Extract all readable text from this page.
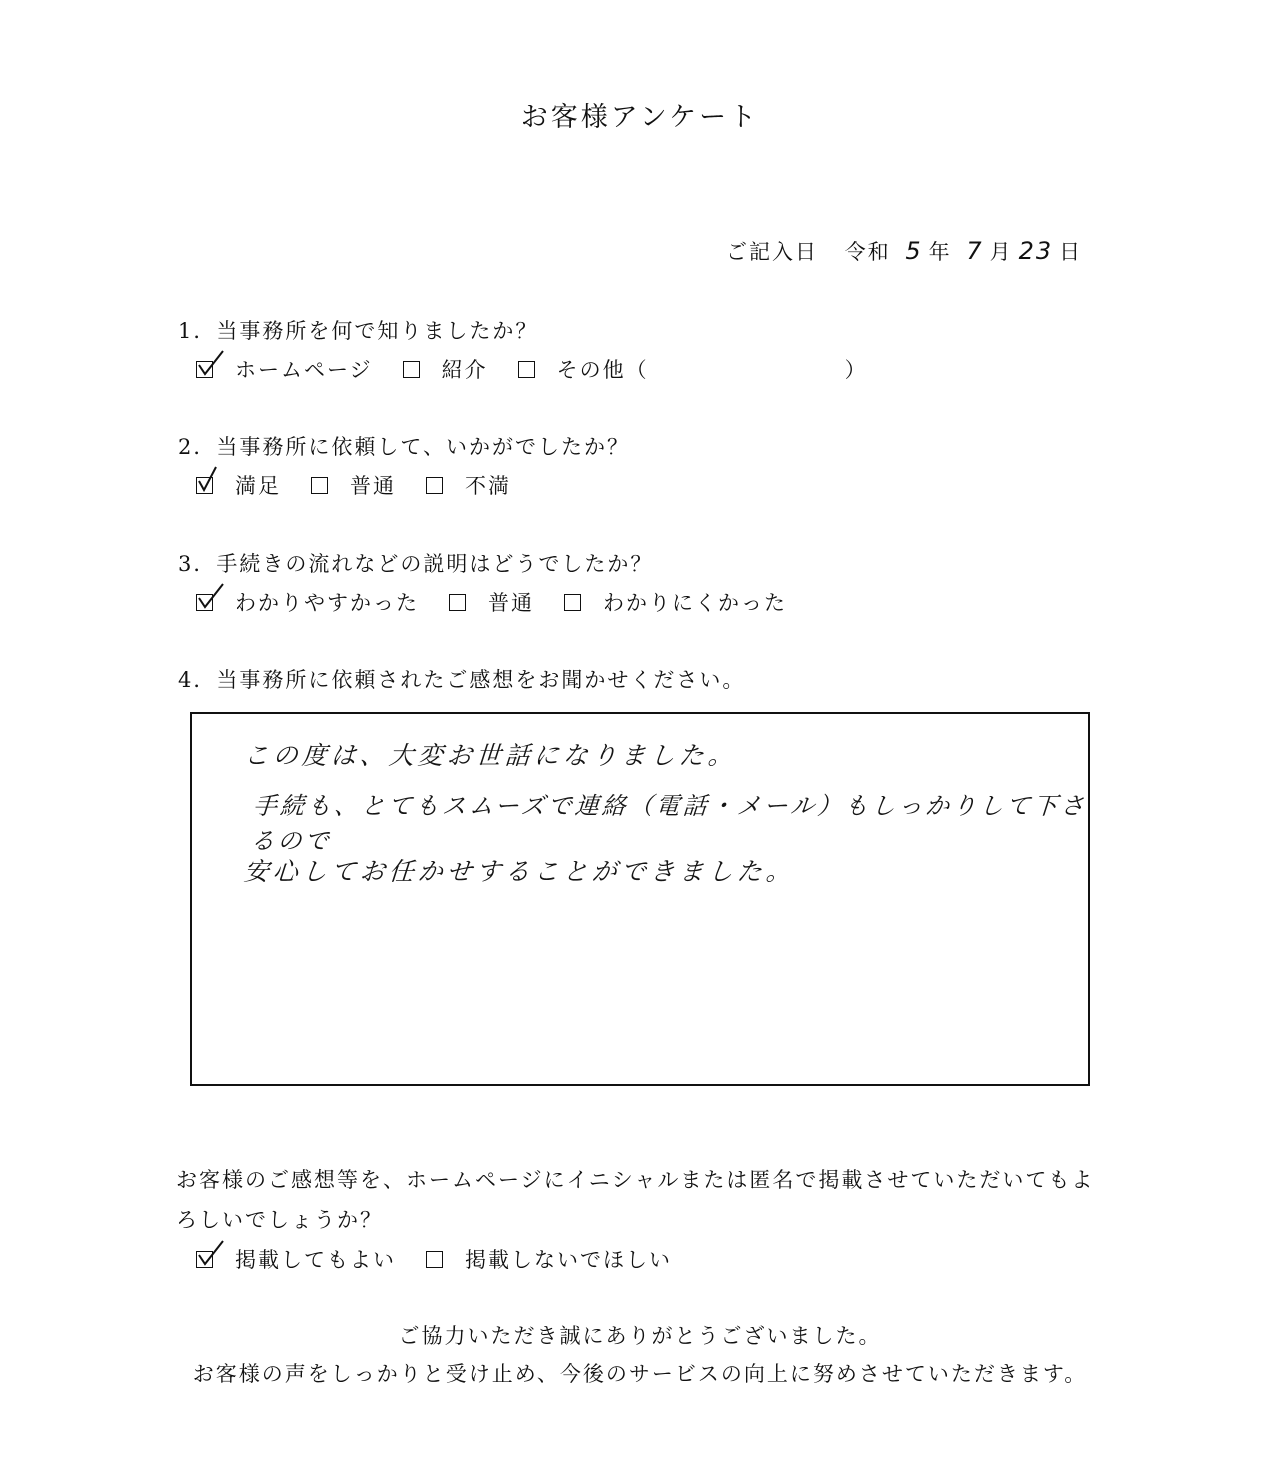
お客様アンケート
ご記入日 令和 5 年 7 月 23 日
1．当事務所を何で知りましたか？
ホームページ	紹介	その他（	）
2．当事務所に依頼して、いかがでしたか？
満足	普通	不満
3．手続きの流れなどの説明はどうでしたか？
わかりやすかった	普通	わかりにくかった
4．当事務所に依頼されたご感想をお聞かせください。
この度は、大変お世話になりました。
手続も、とてもスムーズで連絡（電話・メール）もしっかりして下さるので
安心してお任かせすることができました。
お客様のご感想等を、ホームページにイニシャルまたは匿名で掲載させていただいてもよ
ろしいでしょうか？
掲載してもよい	掲載しないでほしい
ご協力いただき誠にありがとうございました。
お客様の声をしっかりと受け止め、今後のサービスの向上に努めさせていただきます。
